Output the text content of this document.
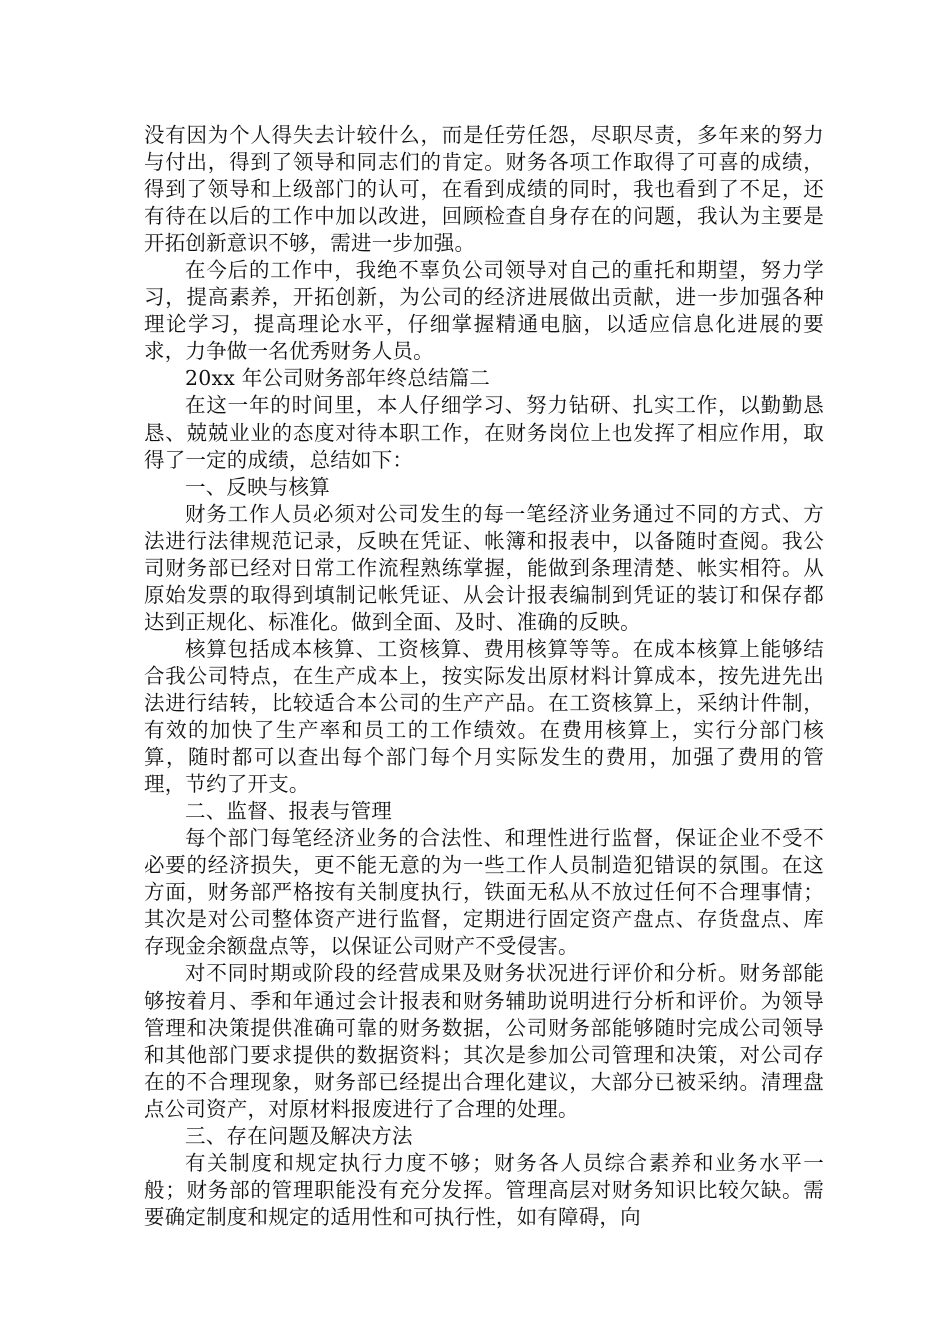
没有因为个人得失去计较什么，而是任劳任怨，尽职尽责，多年来的努力与付出，得到了领导和同志们的肯定。财务各项工作取得了可喜的成绩，得到了领导和上级部门的认可，在看到成绩的同时，我也看到了不足，还有待在以后的工作中加以改进，回顾检查自身存在的问题，我认为主要是开拓创新意识不够，需进一步加强。

在今后的工作中，我绝不辜负公司领导对自己的重托和期望，努力学习，提高素养，开拓创新，为公司的经济进展做出贡献，进一步加强各种理论学习，提高理论水平，仔细掌握精通电脑，以适应信息化进展的要求，力争做一名优秀财务人员。

20xx 年公司财务部年终总结篇二

在这一年的时间里，本人仔细学习、努力钻研、扎实工作，以勤勤恳恳、兢兢业业的态度对待本职工作，在财务岗位上也发挥了相应作用，取得了一定的成绩，总结如下：

一、反映与核算

财务工作人员必须对公司发生的每一笔经济业务通过不同的方式、方法进行法律规范记录，反映在凭证、帐簿和报表中，以备随时查阅。我公司财务部已经对日常工作流程熟练掌握，能做到条理清楚、帐实相符。从原始发票的取得到填制记帐凭证、从会计报表编制到凭证的装订和保存都达到正规化、标准化。做到全面、及时、准确的反映。

核算包括成本核算、工资核算、费用核算等等。在成本核算上能够结合我公司特点，在生产成本上，按实际发出原材料计算成本，按先进先出法进行结转，比较适合本公司的生产产品。在工资核算上，采纳计件制，有效的加快了生产率和员工的工作绩效。在费用核算上，实行分部门核算，随时都可以查出每个部门每个月实际发生的费用，加强了费用的管理，节约了开支。

二、监督、报表与管理

每个部门每笔经济业务的合法性、和理性进行监督，保证企业不受不必要的经济损失，更不能无意的为一些工作人员制造犯错误的氛围。在这方面，财务部严格按有关制度执行，铁面无私从不放过任何不合理事情；其次是对公司整体资产进行监督，定期进行固定资产盘点、存货盘点、库存现金余额盘点等，以保证公司财产不受侵害。

对不同时期或阶段的经营成果及财务状况进行评价和分析。财务部能够按着月、季和年通过会计报表和财务辅助说明进行分析和评价。为领导管理和决策提供准确可靠的财务数据，公司财务部能够随时完成公司领导和其他部门要求提供的数据资料；其次是参加公司管理和决策，对公司存在的不合理现象，财务部已经提出合理化建议，大部分已被采纳。清理盘点公司资产，对原材料报废进行了合理的处理。

三、存在问题及解决方法

有关制度和规定执行力度不够；财务各人员综合素养和业务水平一般；财务部的管理职能没有充分发挥。管理高层对财务知识比较欠缺。需要确定制度和规定的适用性和可执行性，如有障碍，向
